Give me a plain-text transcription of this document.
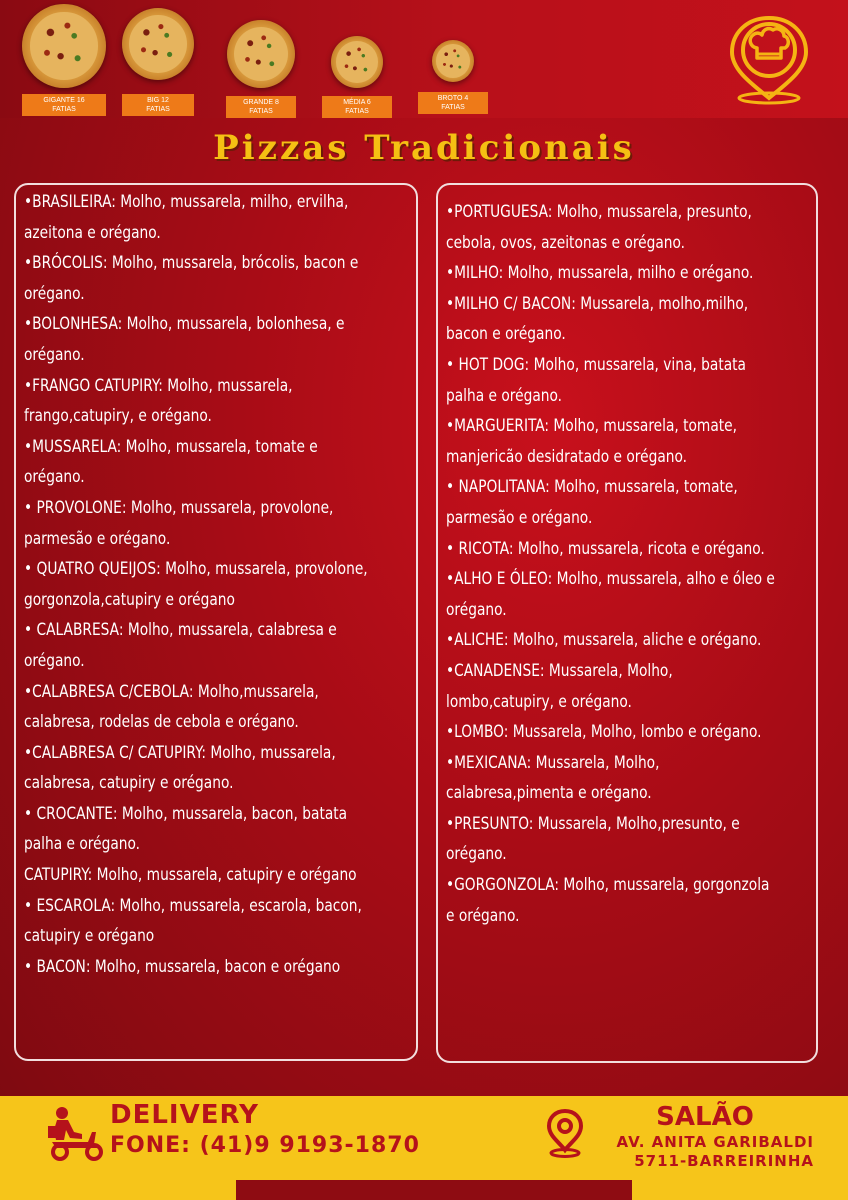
GIGANTE 16
FATIAS
BIG 12
FATIAS
GRANDE 8
FATIAS
MÉDIA 6
FATIAS
BROTO 4
FATIAS
Pizzas Tradicionais
•BRASILEIRA: Molho, mussarela, milho, ervilha, azeitona e orégano.
•BRÓCOLIS: Molho, mussarela, brócolis, bacon e orégano.
•BOLONHESA: Molho, mussarela, bolonhesa, e orégano.
•FRANGO CATUPIRY: Molho, mussarela, frango,catupiry, e orégano.
•MUSSARELA: Molho, mussarela, tomate e orégano.
• PROVOLONE: Molho, mussarela, provolone, parmesão e orégano.
• QUATRO QUEIJOS: Molho, mussarela, provolone, gorgonzola,catupiry e orégano
• CALABRESA: Molho, mussarela, calabresa e orégano.
•CALABRESA C/CEBOLA: Molho,mussarela, calabresa, rodelas de cebola e orégano.
•CALABRESA C/ CATUPIRY: Molho, mussarela, calabresa, catupiry e orégano.
• CROCANTE: Molho, mussarela, bacon, batata palha e orégano.
CATUPIRY: Molho, mussarela, catupiry e orégano
• ESCAROLA: Molho, mussarela, escarola, bacon, catupiry e orégano
• BACON: Molho, mussarela, bacon e orégano
•PORTUGUESA: Molho, mussarela, presunto, cebola, ovos, azeitonas e orégano.
•MILHO: Molho, mussarela, milho e orégano.
•MILHO C/ BACON: Mussarela, molho,milho, bacon e orégano.
• HOT DOG: Molho, mussarela, vina, batata palha e orégano.
•MARGUERITA: Molho, mussarela, tomate, manjericão desidratado e orégano.
• NAPOLITANA: Molho, mussarela, tomate, parmesão e orégano.
• RICOTA: Molho, mussarela, ricota e orégano.
•ALHO E ÓLEO: Molho, mussarela, alho e óleo e orégano.
•ALICHE: Molho, mussarela, aliche e orégano.
•CANADENSE: Mussarela, Molho, lombo,catupiry, e orégano.
•LOMBO: Mussarela, Molho, lombo e orégano.
•MEXICANA: Mussarela, Molho, calabresa,pimenta e orégano.
•PRESUNTO: Mussarela, Molho,presunto, e orégano.
•GORGONZOLA: Molho, mussarela, gorgonzola e orégano.
DELIVERY
FONE: (41)9 9193-1870
SALÃO
AV. ANITA GARIBALDI
5711-BARREIRINHA
